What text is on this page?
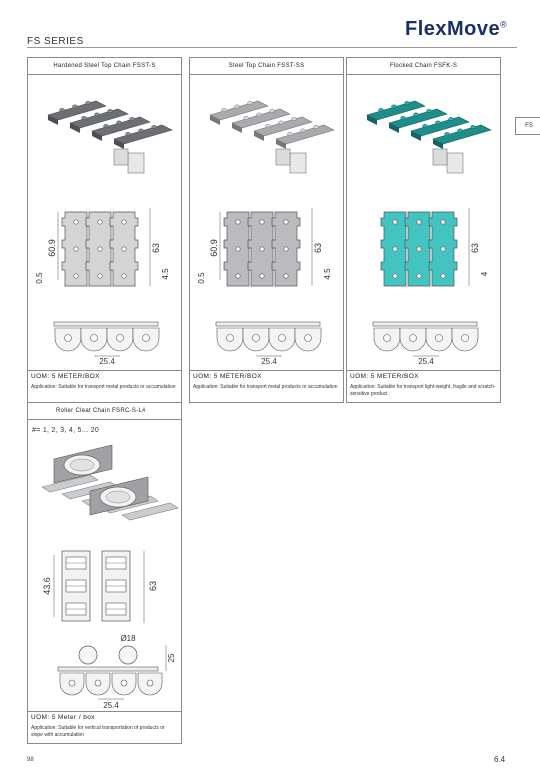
FS SERIES
FlexMove®
FS
Hardened Steel Top Chain FSST-S
60.9	63
0.5	4.5
25.4
UOM: 5 METER/BOX
Application: Suitable for transport metal products or accumulation
Steel Top Chain FSST-SS
60.9	63
0.5	4.5
25.4
UOM: 5 METER/BOX
Application: Suitable for transport metal products or accumulation
Flocked Chain FSFK-S
63
4
25.4
UOM: 5 METER/BOX
Application: Suitable for transport light-weight, fragile and scratch-sensitive product
Roller Cleat Chain FSRC-S-L#
#= 1, 2, 3, 4, 5... 20
43.6	63
Ø18
25
25.4
UOM: 5 Meter / box
Application: Suitable for vertical transportation of products or slope with accumulation
98	6.4
